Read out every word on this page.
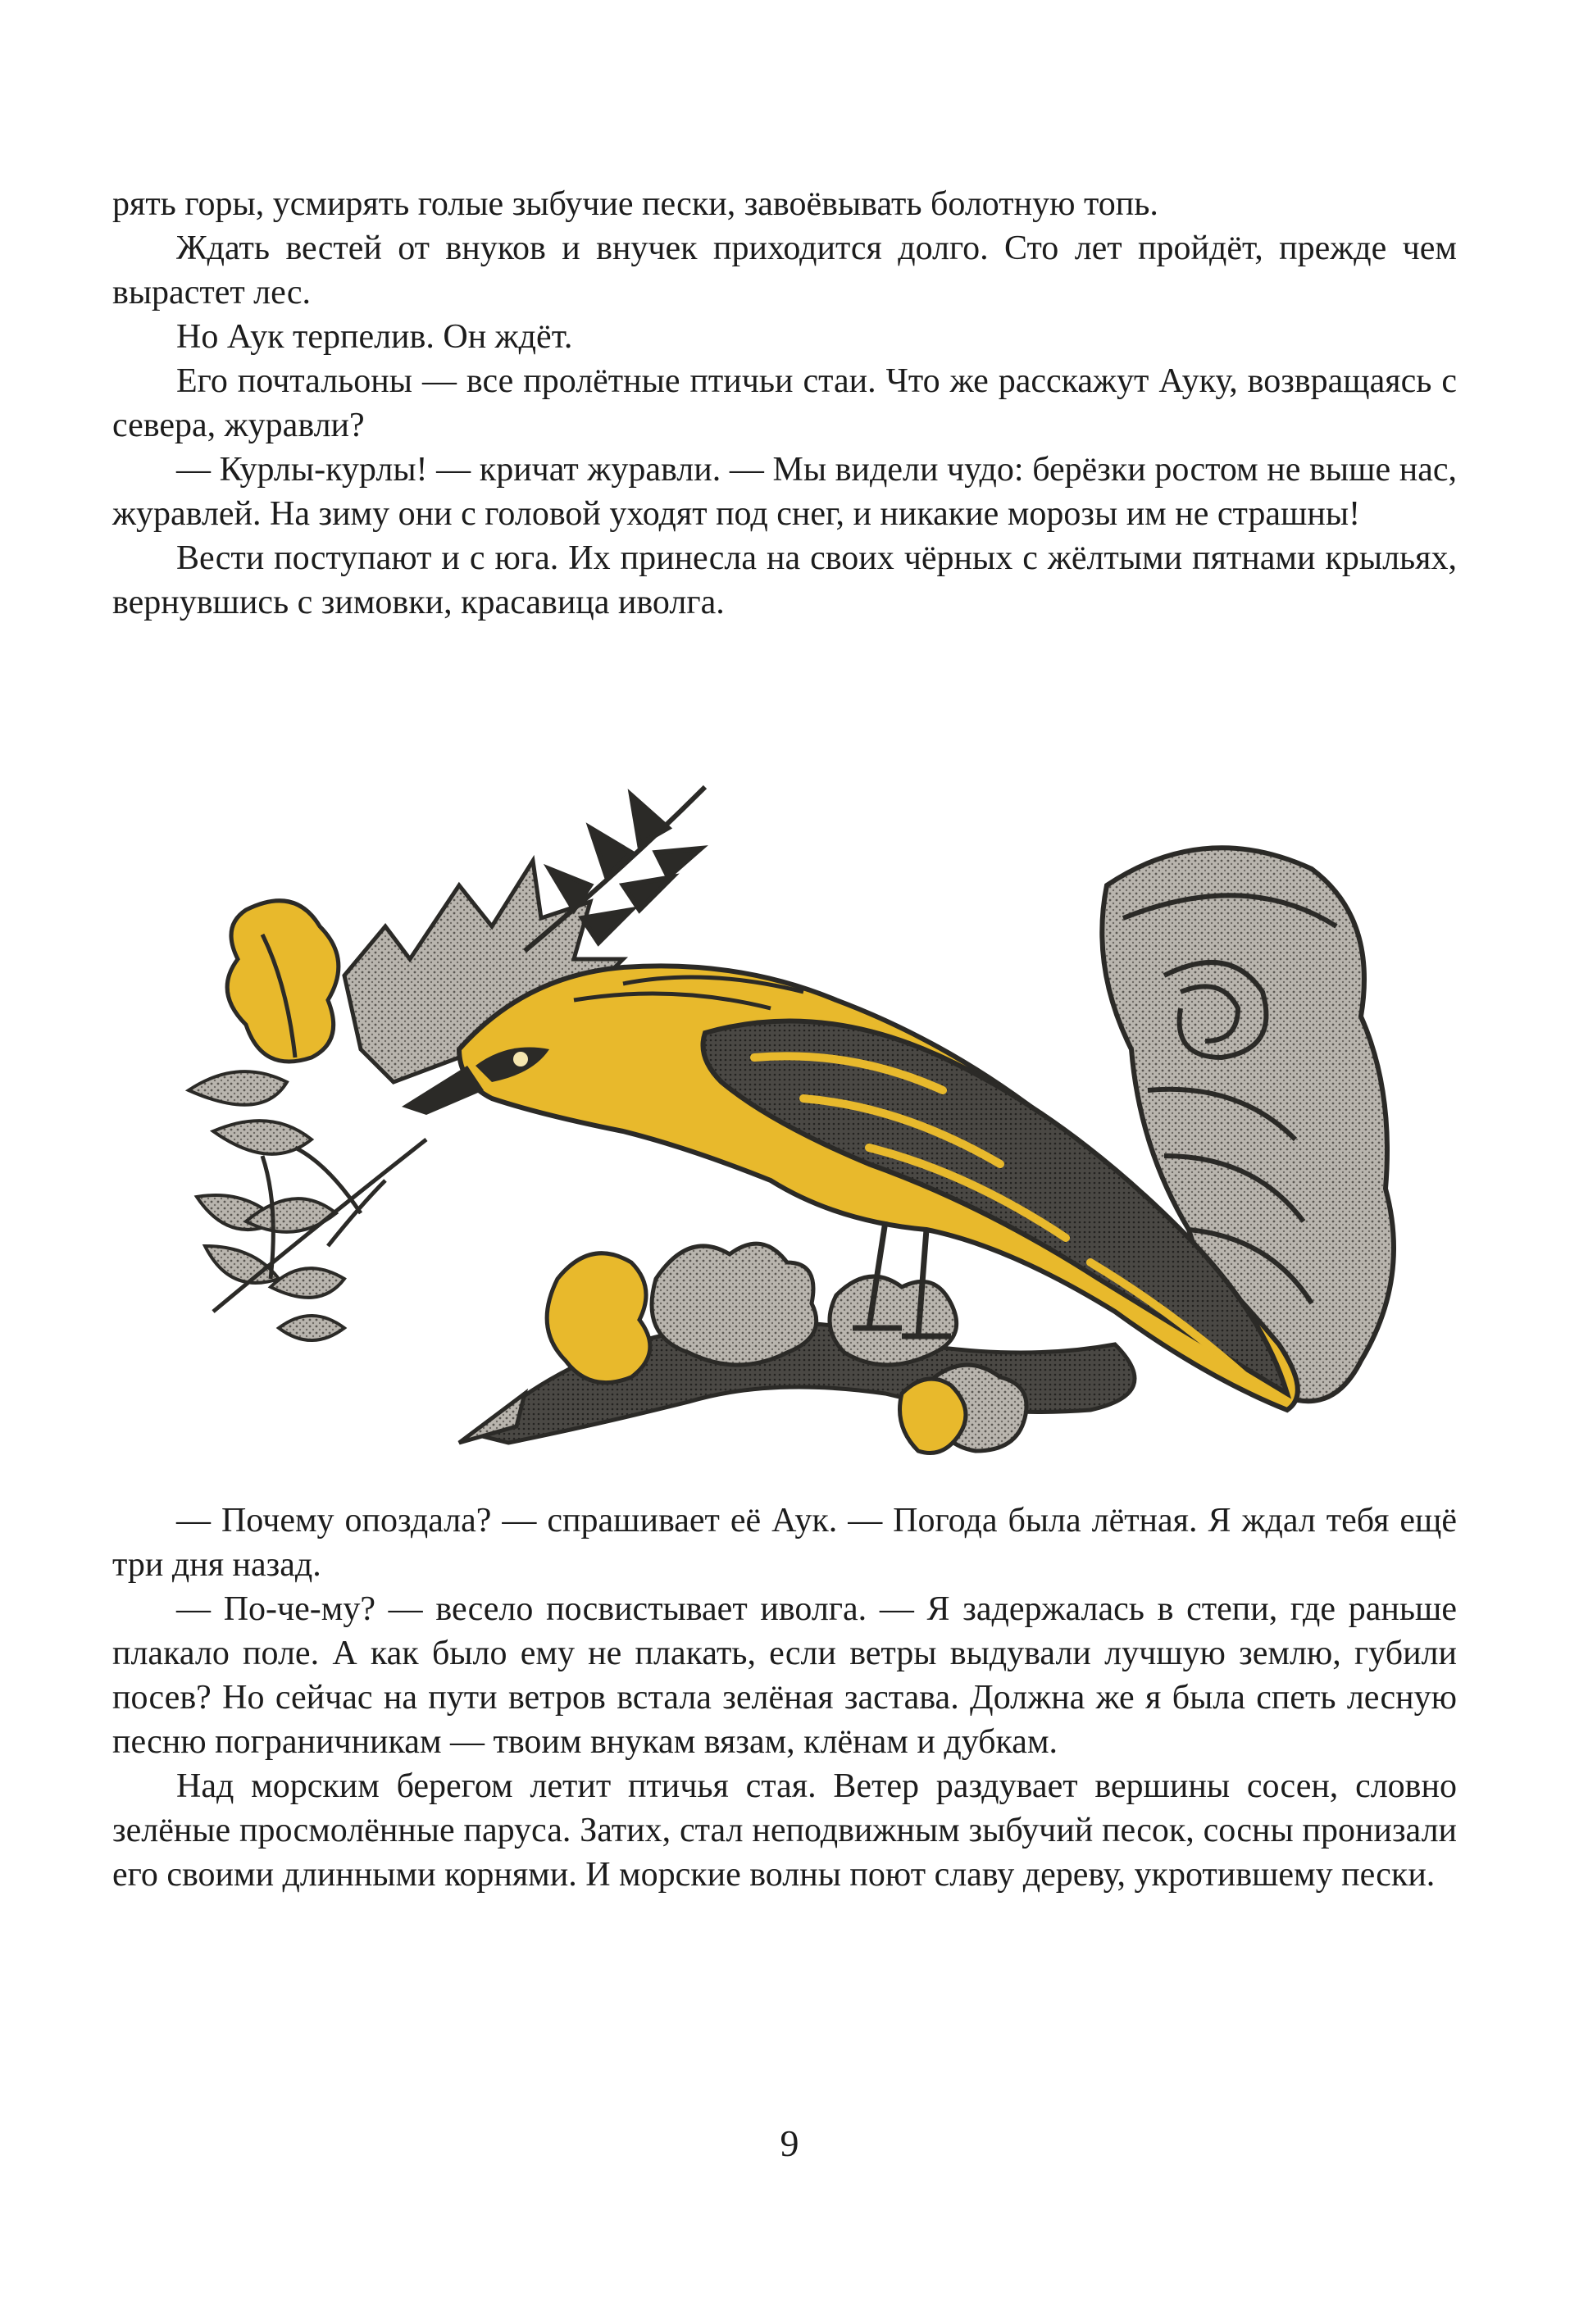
рять горы, усмирять голые зыбучие пески, завоёвывать болотную топь.

Ждать вестей от внуков и внучек приходится долго. Сто лет пройдёт, прежде чем вырастет лес.

Но Аук терпелив. Он ждёт.

Его почтальоны — все пролётные птичьи стаи. Что же расскажут Ауку, возвращаясь с севера, журавли?

— Курлы-курлы! — кричат журавли. — Мы видели чудо: берёзки ростом не выше нас, журавлей. На зиму они с головой уходят под снег, и никакие морозы им не страшны!

Вести поступают и с юга. Их принесла на своих чёрных с жёлтыми пятнами крыльях, вернувшись с зимовки, красавица иволга.

— Почему опоздала? — спрашивает её Аук. — Погода была лётная. Я ждал тебя ещё три дня назад.

— По-че-му? — весело посвистывает иволга. — Я задержалась в степи, где раньше плакало поле. А как было ему не плакать, если ветры выдували лучшую землю, губили посев? Но сейчас на пути ветров встала зелёная застава. Должна же я была спеть лесную песню пограничникам — твоим внукам вязам, клёнам и дубкам.

Над морским берегом летит птичья стая. Ветер раздувает вершины сосен, словно зелёные просмолённые паруса. Затих, стал неподвижным зыбучий песок, сосны пронизали его своими длинными корнями. И морские волны поют славу дереву, укротившему пески.

9
